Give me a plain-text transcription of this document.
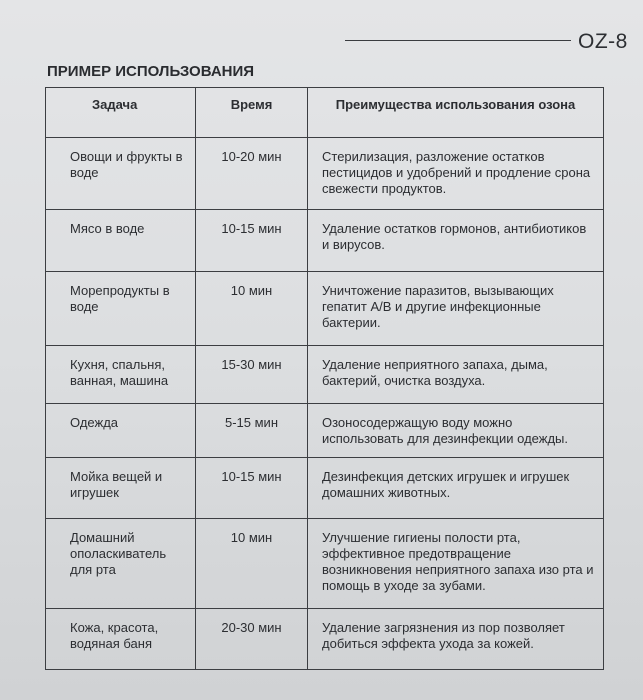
OZ-8
ПРИМЕР ИСПОЛЬЗОВАНИЯ
Задача	Время	Преимущества использования озона
Овощи и фрукты в воде	10-20 мин	Стерилизация, разложение остатков пестицидов и удобрений и продление срона свежести продуктов.
Мясо в воде	10-15 мин	Удаление остатков гормонов, антибиотиков и вирусов.
Морепродукты в воде	10 мин	Уничтожение паразитов, вызывающих гепатит A/B и другие инфекционные бактерии.
Кухня, спальня, ванная, машина	15-30 мин	Удаление неприятного запаха, дыма, бактерий, очистка воздуха.
Одежда	5-15 мин	Озоносодержащую воду можно использовать для дезинфекции одежды.
Мойка вещей и игрушек	10-15 мин	Дезинфекция детских игрушек и игрушек домашних животных.
Домашний ополаскиватель для рта	10 мин	Улучшение гигиены полости рта, эффективное предотвращение возникновения неприятного запаха изо рта и помощь в уходе за зубами.
Кожа, красота, водяная баня	20-30 мин	Удаление загрязнения из пор позволяет добиться эффекта ухода за кожей.
